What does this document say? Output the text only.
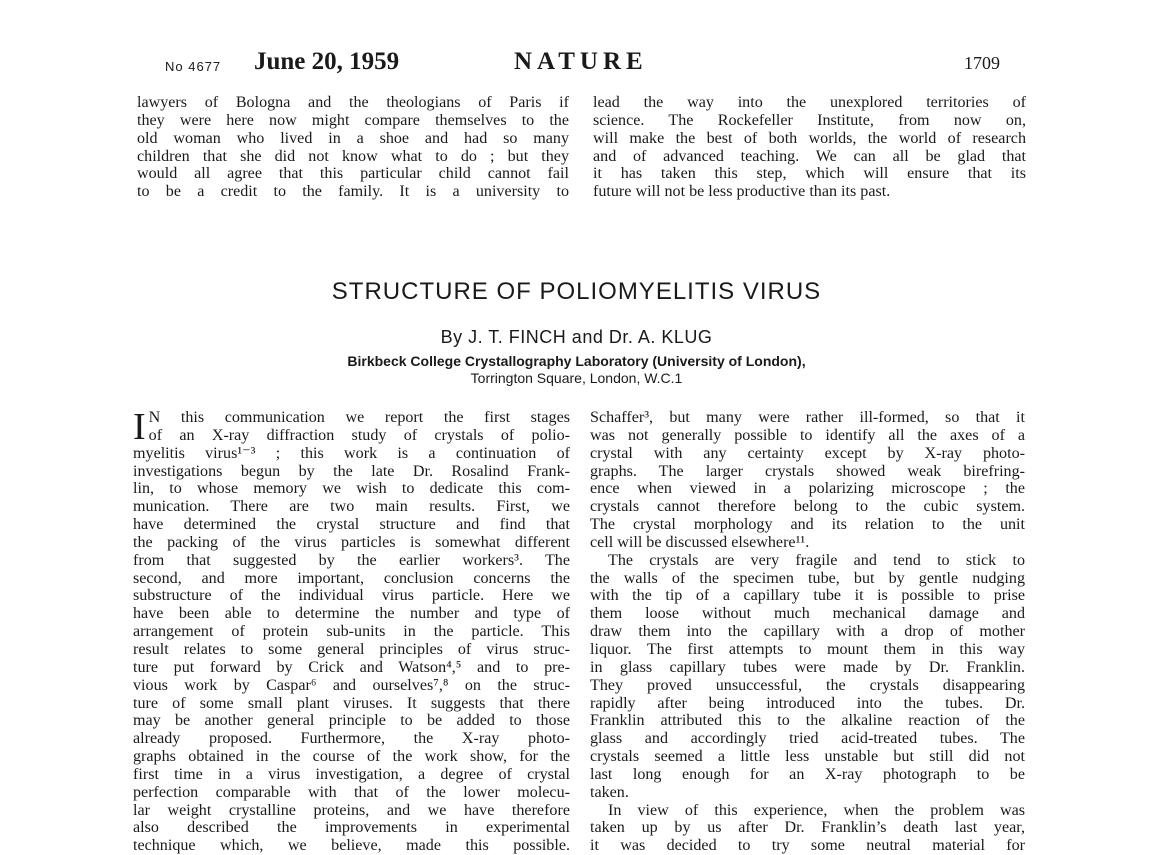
No 4677 June 20, 1959	NATURE	1709
lawyers of Bologna and the theologians of Paris if
they were here now might compare themselves to the
old woman who lived in a shoe and had so many
children that she did not know what to do ; but they
would all agree that this particular child cannot fail
to be a credit to the family. It is a university to
lead the way into the unexplored territories of
science. The Rockefeller Institute, from now on,
will make the best of both worlds, the world of research
and of advanced teaching. We can all be glad that
it has taken this step, which will ensure that its
future will not be less productive than its past.
STRUCTURE OF POLIOMYELITIS VIRUS
By J. T. FINCH and Dr. A. KLUG
Birkbeck College Crystallography Laboratory (University of London),
Torrington Square, London, W.C.1
I N this communication we report the first stages
of an X-ray diffraction study of crystals of polio-
myelitis virus¹⁻³ ; this work is a continuation of
investigations begun by the late Dr. Rosalind Frank-
lin, to whose memory we wish to dedicate this com-
munication. There are two main results. First, we
have determined the crystal structure and find that
the packing of the virus particles is somewhat different
from that suggested by the earlier workers³. The
second, and more important, conclusion concerns the
substructure of the individual virus particle. Here we
have been able to determine the number and type of
arrangement of protein sub-units in the particle. This
result relates to some general principles of virus struc-
ture put forward by Crick and Watson⁴,⁵ and to pre-
vious work by Caspar⁶ and ourselves⁷,⁸ on the struc-
ture of some small plant viruses. It suggests that there
may be another general principle to be added to those
already proposed. Furthermore, the X-ray photo-
graphs obtained in the course of the work show, for the
first time in a virus investigation, a degree of crystal
perfection comparable with that of the lower molecu-
lar weight crystalline proteins, and we have therefore
also described the improvements in experimental
technique which, we believe, made this possible.
Schaffer³, but many were rather ill-formed, so that it
was not generally possible to identify all the axes of a
crystal with any certainty except by X-ray photo-
graphs. The larger crystals showed weak birefring-
ence when viewed in a polarizing microscope ; the
crystals cannot therefore belong to the cubic system.
The crystal morphology and its relation to the unit
cell will be discussed elsewhere¹¹.
The crystals are very fragile and tend to stick to
the walls of the specimen tube, but by gentle nudging
with the tip of a capillary tube it is possible to prise
them loose without much mechanical damage and
draw them into the capillary with a drop of mother
liquor. The first attempts to mount them in this way
in glass capillary tubes were made by Dr. Franklin.
They proved unsuccessful, the crystals disappearing
rapidly after being introduced into the tubes. Dr.
Franklin attributed this to the alkaline reaction of the
glass and accordingly tried acid-treated tubes. The
crystals seemed a little less unstable but still did not
last long enough for an X-ray photograph to be
taken.
In view of this experience, when the problem was
taken up by us after Dr. Franklin’s death last year,
it was decided to try some neutral material for
